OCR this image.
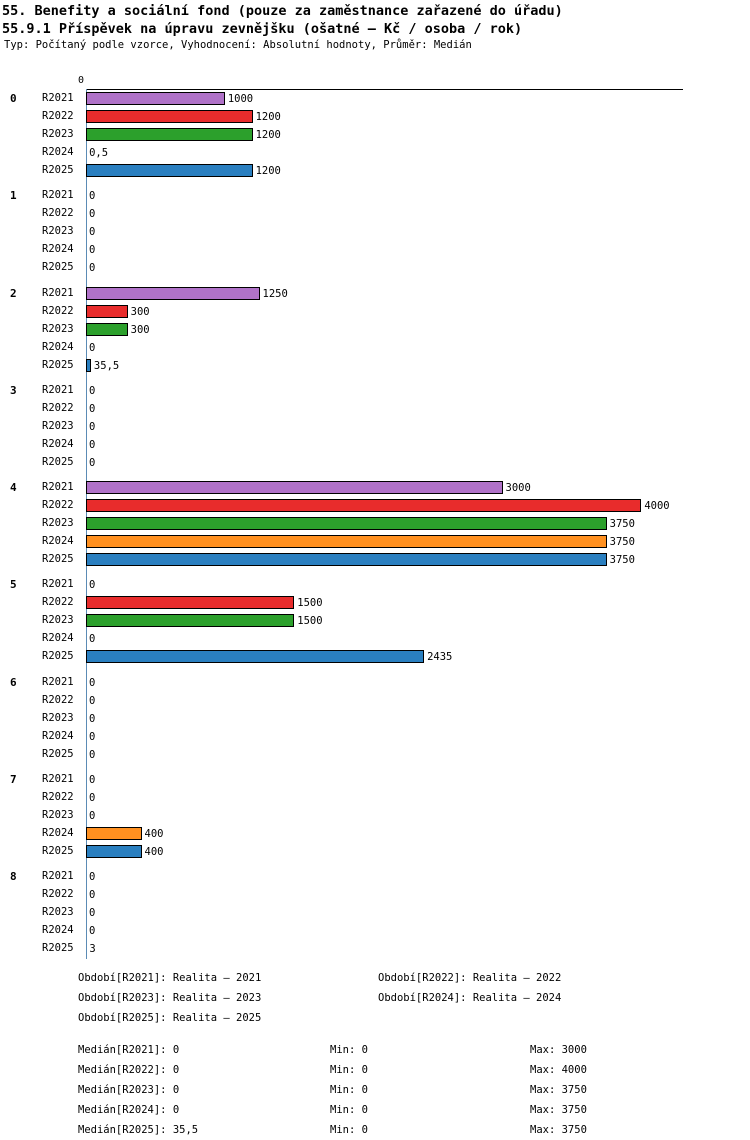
55. Benefity a sociální fond (pouze za zaměstnance zařazené do úřadu)
55.9.1 Příspěvek na úpravu zevnějšku (ošatné – Kč / osoba / rok)
Typ: Počítaný podle vzorce, Vyhodnocení: Absolutní hodnoty, Průměr: Medián
0
0 R2021	1000
R2022	1200
R2023	1200
R2024 0,5
R2025	1200
1 R2021 0
R2022 0
R2023 0
R2024 0
R2025 0
2 R2021	1250
R2022	300
R2023	300
R2024 0
R2025 35,5
3 R2021 0
R2022 0
R2023 0
R2024 0
R2025 0
4 R2021	3000
R2022	4000
R2023	3750
R2024	3750
R2025	3750
5 R2021 0
R2022	1500
R2023	1500
R2024 0
R2025	2435
6 R2021 0
R2022 0
R2023 0
R2024 0
R2025 0
7 R2021 0
R2022 0
R2023 0
R2024	400
R2025	400
8 R2021 0
R2022 0
R2023 0
R2024 0
R2025 3
Období[R2021]: Realita – 2021	Období[R2022]: Realita – 2022
Období[R2023]: Realita – 2023	Období[R2024]: Realita – 2024
Období[R2025]: Realita – 2025
Medián[R2021]: 0	Min: 0	Max: 3000
Medián[R2022]: 0	Min: 0	Max: 4000
Medián[R2023]: 0	Min: 0	Max: 3750
Medián[R2024]: 0	Min: 0	Max: 3750
Medián[R2025]: 35,5	Min: 0	Max: 3750
